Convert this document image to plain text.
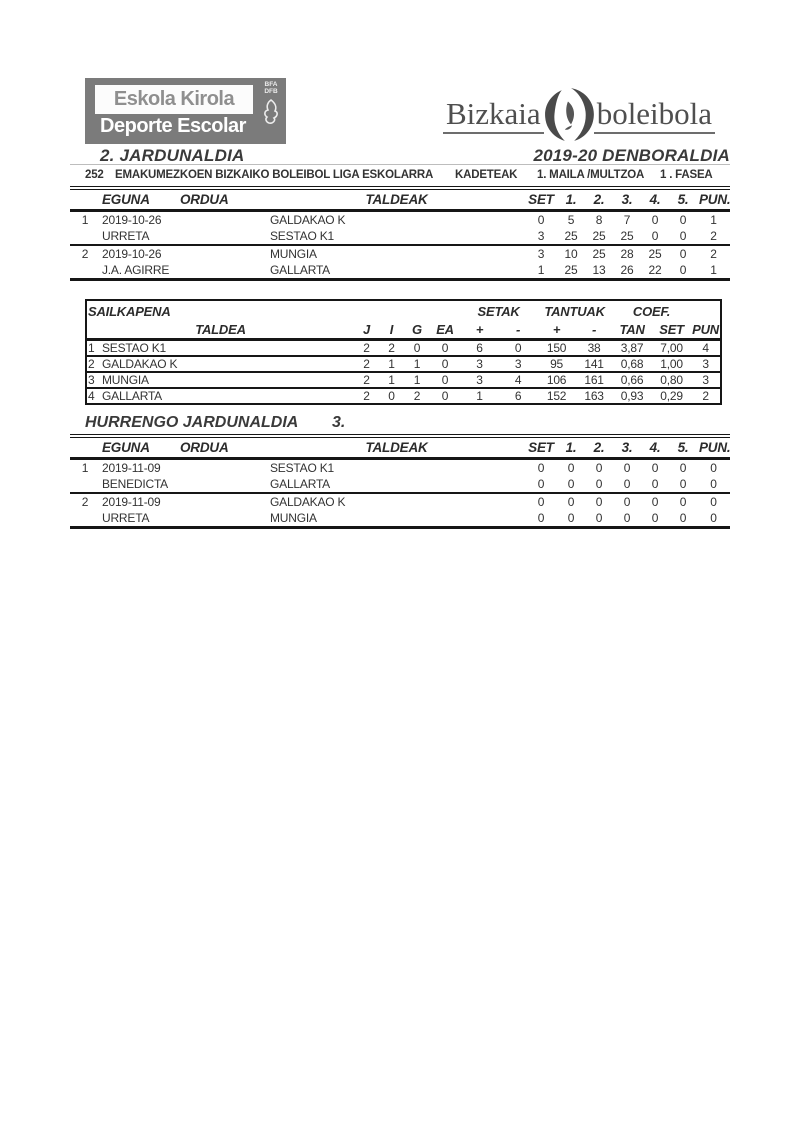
Eskola Kirola
Deporte Escolar
BFA
DFB
Bizkaia boleibola
2. JARDUNALDIA	2019-20 DENBORALDIA
252 EMAKUMEZKOEN BIZKAIKO BOLEIBOL LIGA ESKOLARRA KADETEAK 1. MAILA /MULTZOA 1 . FASEA
	EGUNA	ORDUA	TALDEAK	SET	1.	2.	3.	4.	5.	PUN.
1	2019-10-26		GALDAKAO K	0	5	8	7	0	0	1
	URRETA		SESTAO K1	3	25	25	25	0	0	2
2	2019-10-26		MUNGIA	3	10	25	28	25	0	2
	J.A. AGIRRE		GALLARTA	1	25	13	26	22	0	1
SAILKAPENA					SETAK		TANTUAK		COEF.		
TALDEA	J	I	G	EA	+	-	+	-	TAN	SET	PUN
1 SESTAO K1	2	2	0	0	6	0	150	38	3,87	7,00	4
2 GALDAKAO K	2	1	1	0	3	3	95	141	0,68	1,00	3
3 MUNGIA	2	1	1	0	3	4	106	161	0,66	0,80	3
4 GALLARTA	2	0	2	0	1	6	152	163	0,93	0,29	2
HURRENGO JARDUNALDIA 3.
	EGUNA	ORDUA	TALDEAK	SET	1.	2.	3.	4.	5.	PUN.
1	2019-11-09		SESTAO K1	0	0	0	0	0	0	0
	BENEDICTA		GALLARTA	0	0	0	0	0	0	0
2	2019-11-09		GALDAKAO K	0	0	0	0	0	0	0
	URRETA		MUNGIA	0	0	0	0	0	0	0
